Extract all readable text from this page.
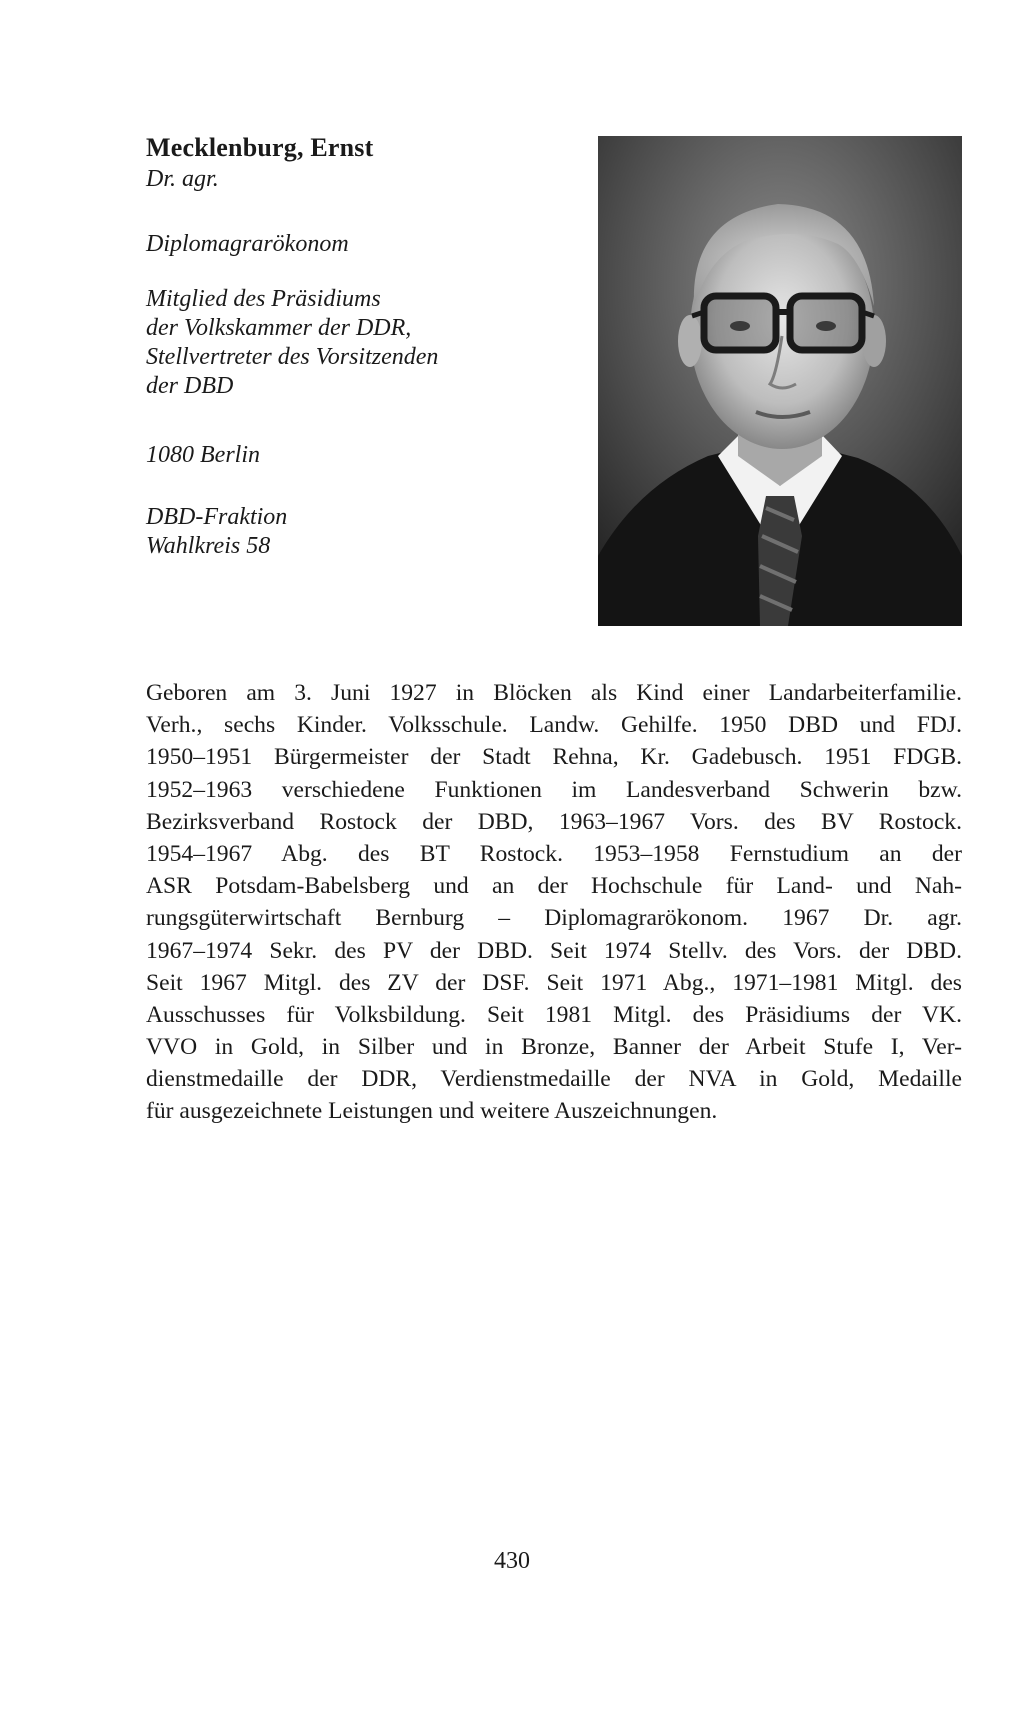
Mecklenburg, Ernst

Dr. agr.

Diplomagrarökonom
Mitglied des Präsidiums
der Volkskammer der DDR,
Stellvertreter des Vorsitzenden
der DBD
1080 Berlin
DBD-Fraktion
Wahlkreis 58
Geboren am 3. Juni 1927 in Blöcken als Kind einer Landarbeiterfamilie.
Verh., sechs Kinder. Volksschule. Landw. Gehilfe. 1950 DBD und FDJ.
1950–1951 Bürgermeister der Stadt Rehna, Kr. Gadebusch. 1951 FDGB.
1952–1963 verschiedene Funktionen im Landesverband Schwerin bzw.
Bezirksverband Rostock der DBD, 1963–1967 Vors. des BV Rostock.
1954–1967 Abg. des BT Rostock. 1953–1958 Fernstudium an der
ASR Potsdam-Babelsberg und an der Hochschule für Land- und Nah-
rungsgüterwirtschaft Bernburg – Diplomagrarökonom. 1967 Dr. agr.
1967–1974 Sekr. des PV der DBD. Seit 1974 Stellv. des Vors. der DBD.
Seit 1967 Mitgl. des ZV der DSF. Seit 1971 Abg., 1971–1981 Mitgl. des
Ausschusses für Volksbildung. Seit 1981 Mitgl. des Präsidiums der VK.
VVO in Gold, in Silber und in Bronze, Banner der Arbeit Stufe I, Ver-
dienstmedaille der DDR, Verdienstmedaille der NVA in Gold, Medaille
für ausgezeichnete Leistungen und weitere Auszeichnungen.
430
